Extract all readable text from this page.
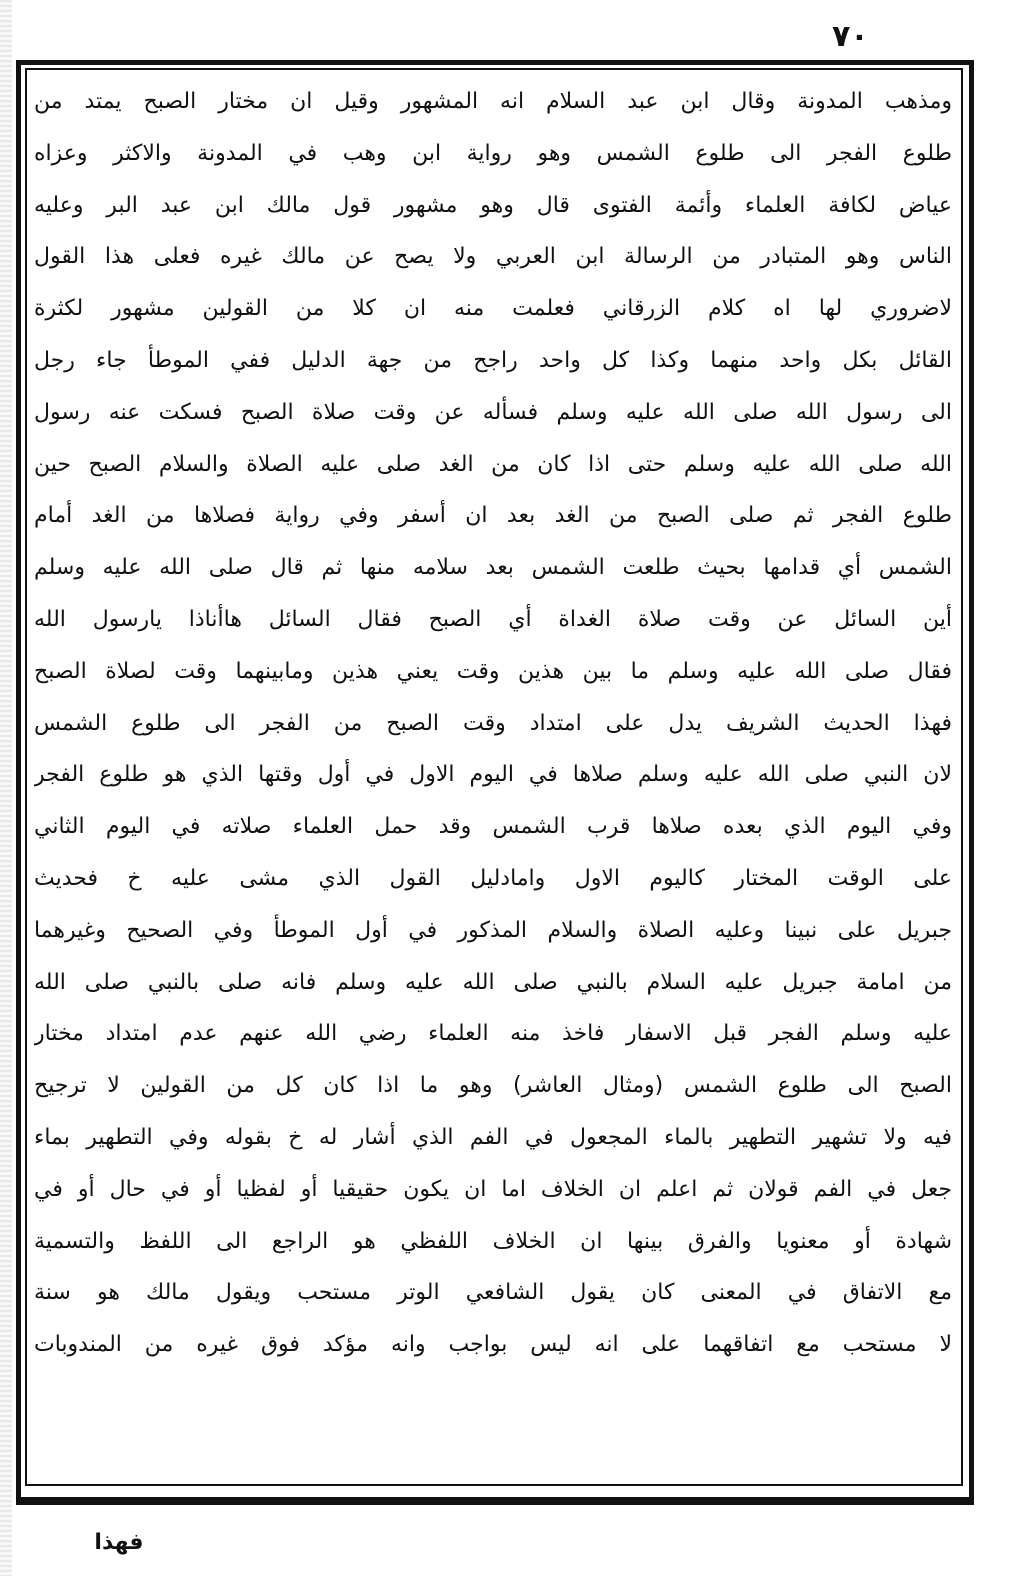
٧٠
ومذهب المدونة وقال ابن عبد السلام انه المشهور وقيل ان مختار الصبح يمتد من
طلوع الفجر الى طلوع الشمس وهو رواية ابن وهب في المدونة والاكثر وعزاه
عياض لكافة العلماء وأئمة الفتوى قال وهو مشهور قول مالك ابن عبد البر وعليه
الناس وهو المتبادر من الرسالة ابن العربي ولا يصح عن مالك غيره فعلى هذا القول
لاضروري لها اه كلام الزرقاني فعلمت منه ان كلا من القولين مشهور لكثرة
القائل بكل واحد منهما وكذا كل واحد راجح من جهة الدليل ففي الموطأ جاء رجل
الى رسول الله صلى الله عليه وسلم فسأله عن وقت صلاة الصبح فسكت عنه رسول
الله صلى الله عليه وسلم حتى اذا كان من الغد صلى عليه الصلاة والسلام الصبح حين
طلوع الفجر ثم صلى الصبح من الغد بعد ان أسفر وفي رواية فصلاها من الغد أمام
الشمس أي قدامها بحيث طلعت الشمس بعد سلامه منها ثم قال صلى الله عليه وسلم
أين السائل عن وقت صلاة الغداة أي الصبح فقال السائل هاأناذا يارسول الله
فقال صلى الله عليه وسلم ما بين هذين وقت يعني هذين ومابينهما وقت لصلاة الصبح
فهذا الحديث الشريف يدل على امتداد وقت الصبح من الفجر الى طلوع الشمس
لان النبي صلى الله عليه وسلم صلاها في اليوم الاول في أول وقتها الذي هو طلوع الفجر
وفي اليوم الذي بعده صلاها قرب الشمس وقد حمل العلماء صلاته في اليوم الثاني
على الوقت المختار كاليوم الاول وامادليل القول الذي مشى عليه خ فحديث
جبريل على نبينا وعليه الصلاة والسلام المذكور في أول الموطأ وفي الصحيح وغيرهما
من امامة جبريل عليه السلام بالنبي صلى الله عليه وسلم فانه صلى بالنبي صلى الله
عليه وسلم الفجر قبل الاسفار فاخذ منه العلماء رضي الله عنهم عدم امتداد مختار
الصبح الى طلوع الشمس (ومثال العاشر) وهو ما اذا كان كل من القولين لا ترجيح
فيه ولا تشهير التطهير بالماء المجعول في الفم الذي أشار له خ بقوله وفي التطهير بماء
جعل في الفم قولان ثم اعلم ان الخلاف اما ان يكون حقيقيا أو لفظيا أو في حال أو في
شهادة أو معنويا والفرق بينها ان الخلاف اللفظي هو الراجع الى اللفظ والتسمية
مع الاتفاق في المعنى كان يقول الشافعي الوتر مستحب ويقول مالك هو سنة
لا مستحب مع اتفاقهما على انه ليس بواجب وانه مؤكد فوق غيره من المندوبات
فهذا
